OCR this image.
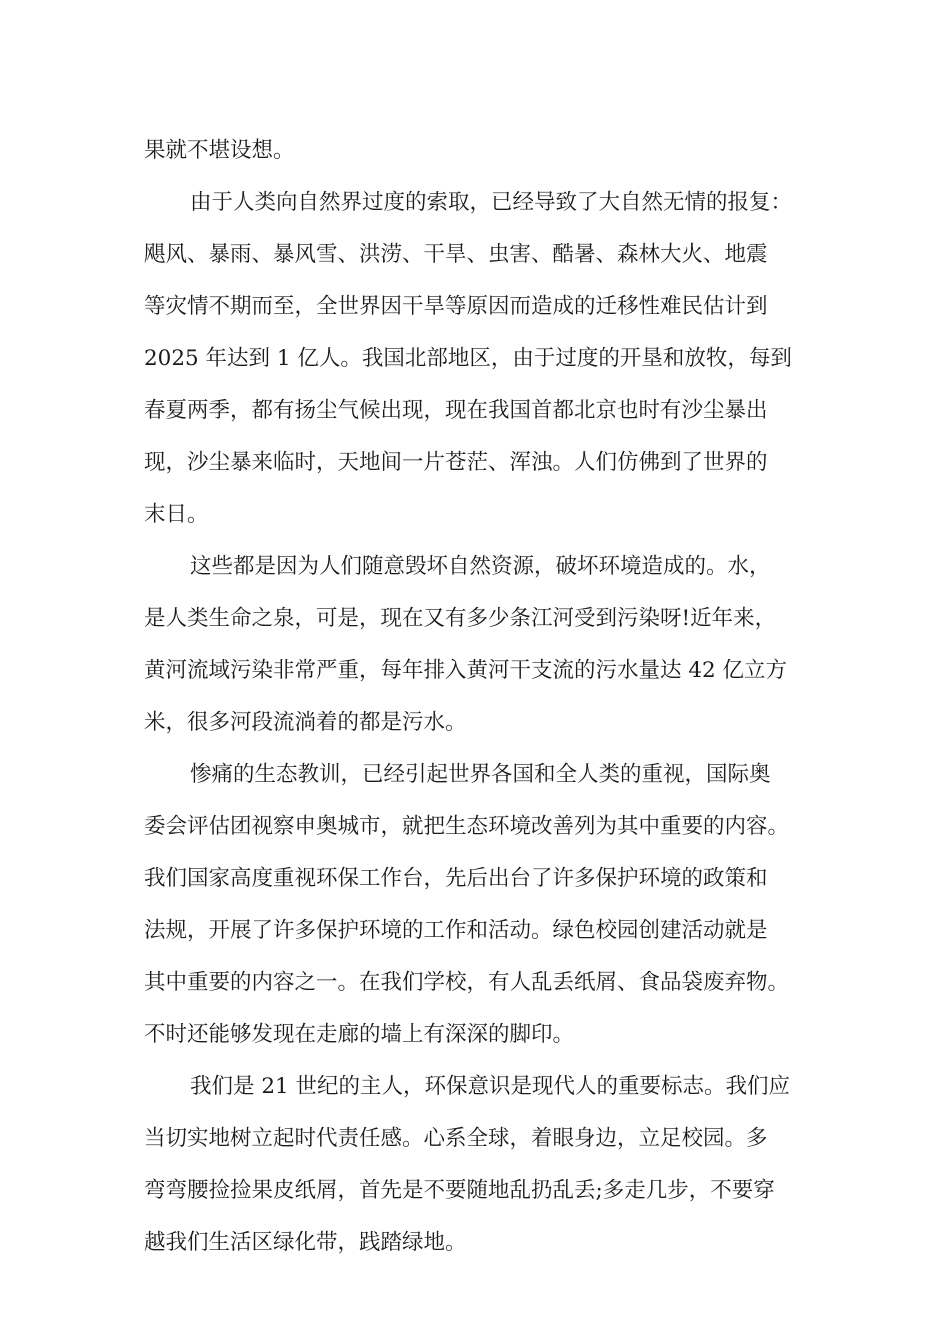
果就不堪设想。
由于人类向自然界过度的索取，已经导致了大自然无情的报复：
飓风、暴雨、暴风雪、洪涝、干旱、虫害、酷暑、森林大火、地震
等灾情不期而至，全世界因干旱等原因而造成的迁移性难民估计到
2025 年达到 1 亿人。我国北部地区，由于过度的开垦和放牧，每到
春夏两季，都有扬尘气候出现，现在我国首都北京也时有沙尘暴出
现，沙尘暴来临时，天地间一片苍茫、浑浊。人们仿佛到了世界的
末日。
这些都是因为人们随意毁坏自然资源，破坏环境造成的。水，
是人类生命之泉，可是，现在又有多少条江河受到污染呀!近年来，
黄河流域污染非常严重，每年排入黄河干支流的污水量达 42 亿立方
米，很多河段流淌着的都是污水。
惨痛的生态教训，已经引起世界各国和全人类的重视，国际奥
委会评估团视察申奥城市，就把生态环境改善列为其中重要的内容。
我们国家高度重视环保工作台，先后出台了许多保护环境的政策和
法规，开展了许多保护环境的工作和活动。绿色校园创建活动就是
其中重要的内容之一。在我们学校，有人乱丢纸屑、食品袋废弃物。
不时还能够发现在走廊的墙上有深深的脚印。
我们是 21 世纪的主人，环保意识是现代人的重要标志。我们应
当切实地树立起时代责任感。心系全球，着眼身边，立足校园。多
弯弯腰捡捡果皮纸屑，首先是不要随地乱扔乱丢;多走几步，不要穿
越我们生活区绿化带，践踏绿地。
